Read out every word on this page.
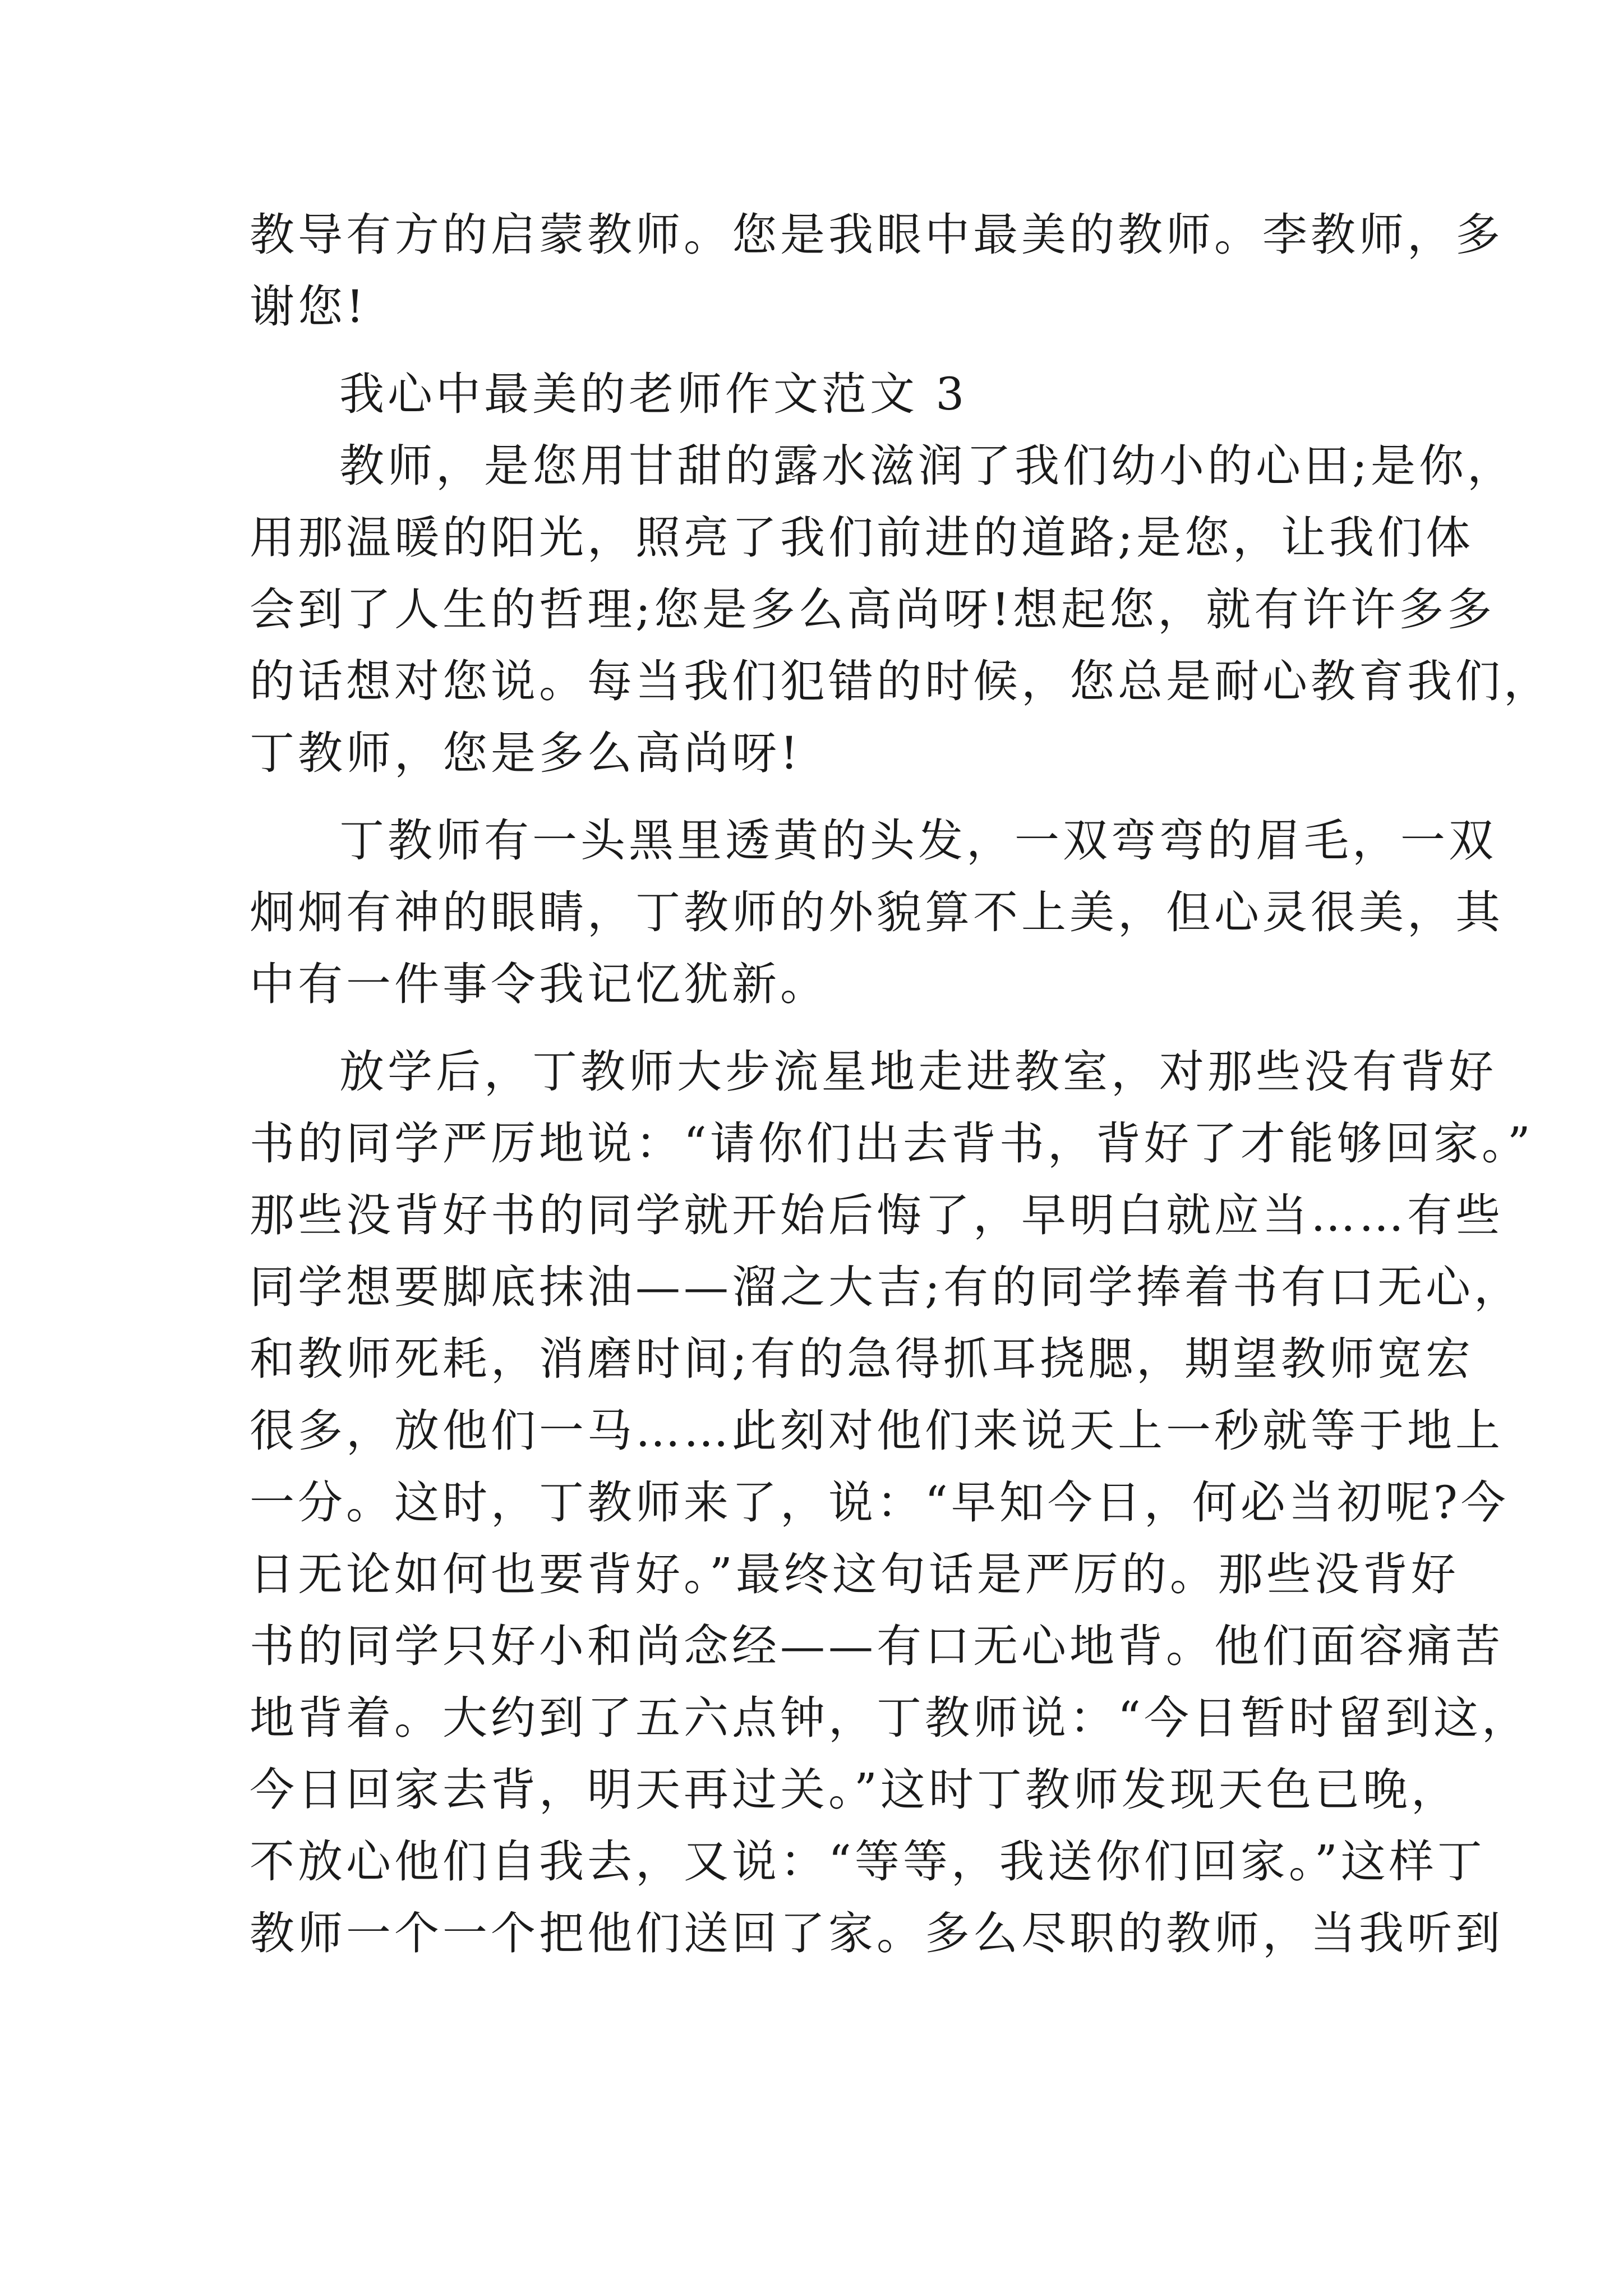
教导有方的启蒙教师。您是我眼中最美的教师。李教师，多
谢您!
我心中最美的老师作文范文 3
教师，是您用甘甜的露水滋润了我们幼小的心田;是你，
用那温暖的阳光，照亮了我们前进的道路;是您，让我们体
会到了人生的哲理;您是多么高尚呀!想起您，就有许许多多
的话想对您说。每当我们犯错的时候，您总是耐心教育我们，
丁教师，您是多么高尚呀!
丁教师有一头黑里透黄的头发，一双弯弯的眉毛，一双
炯炯有神的眼睛，丁教师的外貌算不上美，但心灵很美，其
中有一件事令我记忆犹新。
放学后，丁教师大步流星地走进教室，对那些没有背好
书的同学严厉地说：“请你们出去背书，背好了才能够回家。”
那些没背好书的同学就开始后悔了，早明白就应当……有些
同学想要脚底抹油——溜之大吉;有的同学捧着书有口无心，
和教师死耗，消磨时间;有的急得抓耳挠腮，期望教师宽宏
很多，放他们一马……此刻对他们来说天上一秒就等于地上
一分。这时，丁教师来了，说：“早知今日，何必当初呢?今
日无论如何也要背好。”最终这句话是严厉的。那些没背好
书的同学只好小和尚念经——有口无心地背。他们面容痛苦
地背着。大约到了五六点钟，丁教师说：“今日暂时留到这，
今日回家去背，明天再过关。”这时丁教师发现天色已晚，
不放心他们自我去，又说：“等等，我送你们回家。”这样丁
教师一个一个把他们送回了家。多么尽职的教师，当我听到
